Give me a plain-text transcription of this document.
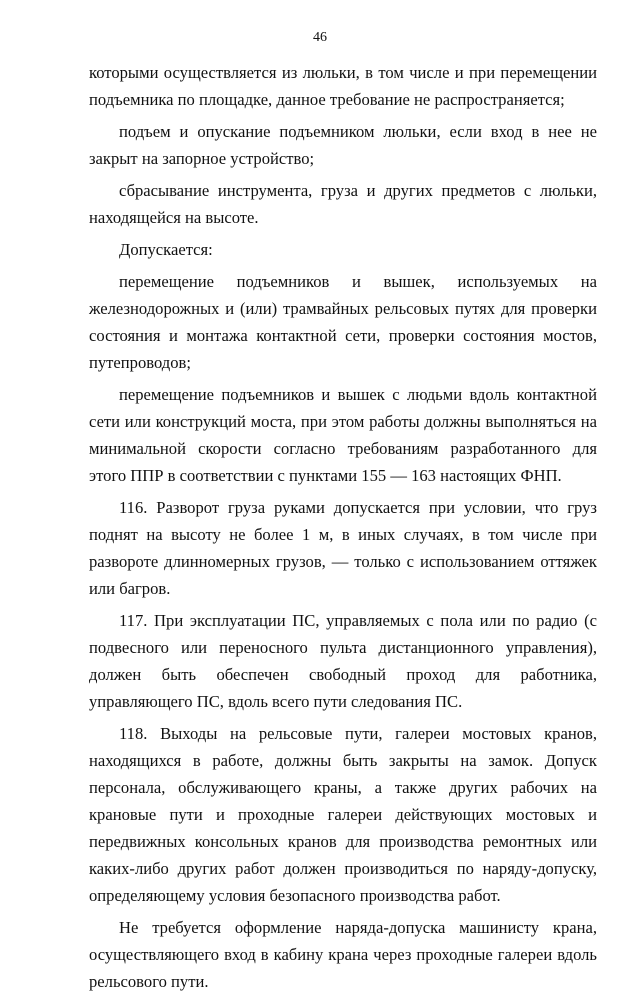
46

которыми осуществляется из люльки, в том числе и при перемещении подъемника по площадке, данное требование не распространяется;

подъем и опускание подъемником люльки, если вход в нее не закрыт на запорное устройство;

сбрасывание инструмента, груза и других предметов с люльки, находящейся на высоте.

Допускается:

перемещение подъемников и вышек, используемых на железнодорожных и (или) трамвайных рельсовых путях для проверки состояния и монтажа контактной сети, проверки состояния мостов, путепроводов;

перемещение подъемников и вышек с людьми вдоль контактной сети или конструкций моста, при этом работы должны выполняться на минимальной скорости согласно требованиям разработанного для этого ППР в соответствии с пунктами 155 — 163 настоящих ФНП.

116. Разворот груза руками допускается при условии, что груз поднят на высоту не более 1 м, в иных случаях, в том числе при развороте длинномерных грузов, — только с использованием оттяжек или багров.

117. При эксплуатации ПС, управляемых с пола или по радио (с подвесного или переносного пульта дистанционного управления), должен быть обеспечен свободный проход для работника, управляющего ПС, вдоль всего пути следования ПС.

118. Выходы на рельсовые пути, галереи мостовых кранов, находящихся в работе, должны быть закрыты на замок. Допуск персонала, обслуживающего краны, а также других рабочих на крановые пути и проходные галереи действующих мостовых и передвижных консольных кранов для производства ремонтных или каких-либо других работ должен производиться по наряду-допуску, определяющему условия безопасного производства работ.

Не требуется оформление наряда-допуска машинисту крана, осуществляющего вход в кабину крана через проходные галереи вдоль рельсового пути.
